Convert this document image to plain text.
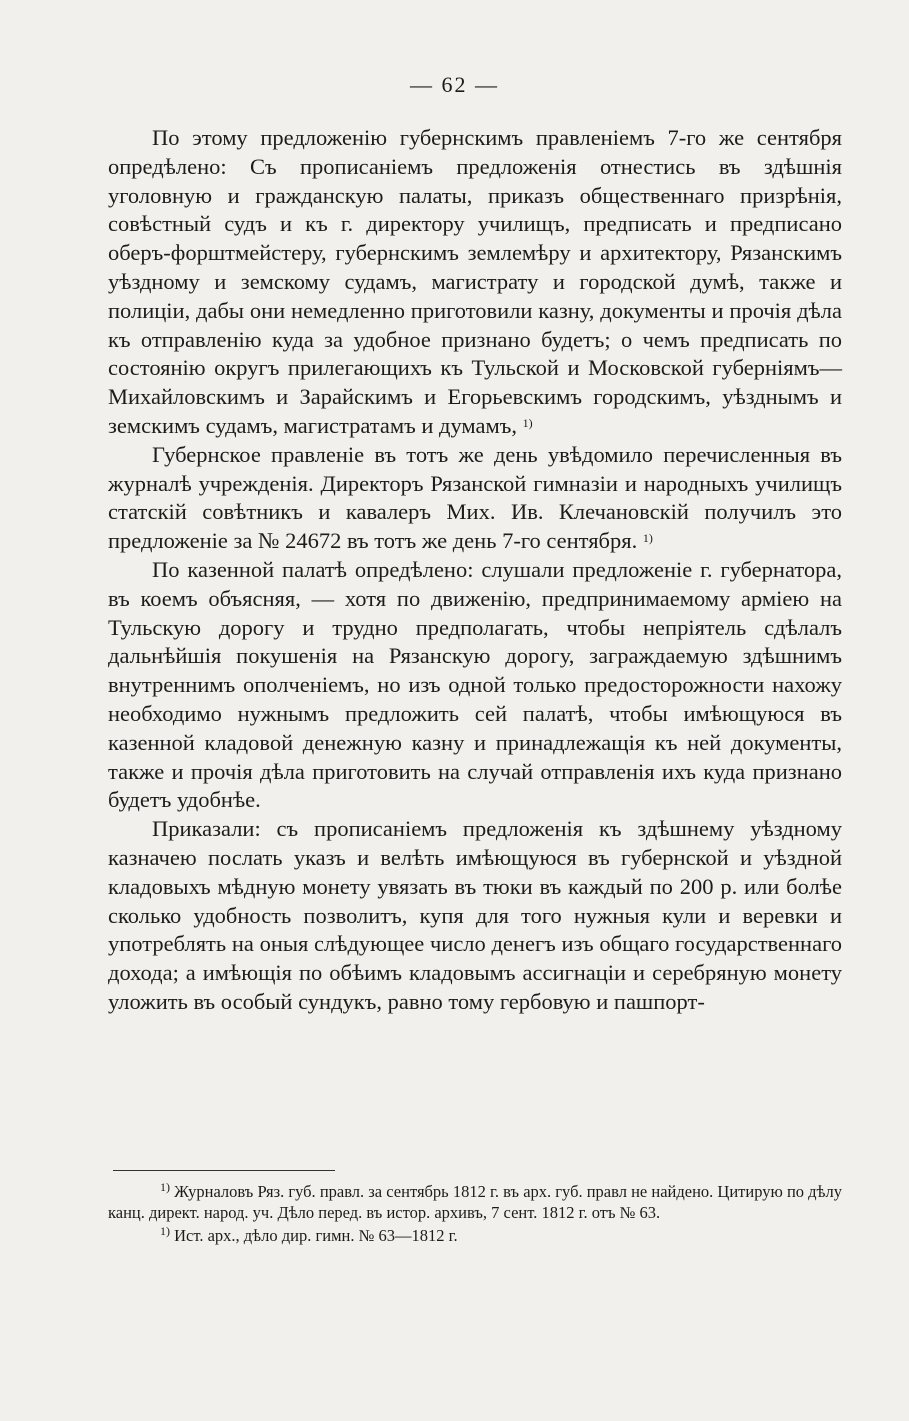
— 62 —

По этому предложенію губернскимъ правленіемъ 7-го же сентября опредѣлено: Съ прописаніемъ предложенія отнестись въ здѣшнія уголовную и гражданскую палаты, приказъ общественнаго призрѣнія, совѣстный судъ и къ г. директору училищъ, предписать и предписано оберъ-форштмейстеру, губернскимъ землемѣру и архитектору, Рязанскимъ уѣздному и земскому судамъ, магистрату и городской думѣ, также и полиціи, дабы они немедленно приготовили казну, документы и прочія дѣла къ отправленію куда за удобное признано будетъ; о чемъ предписать по состоянію округъ прилегающихъ къ Тульской и Московской губерніямъ—Михайловскимъ и Зарайскимъ и Егорьевскимъ городскимъ, уѣзднымъ и земскимъ судамъ, магистратамъ и думамъ, $^{1)}$

Губернское правленіе въ тотъ же день увѣдомило перечисленныя въ журналѣ учрежденія. Директоръ Рязанской гимназіи и народныхъ училищъ статскій совѣтникъ и кавалеръ Мих. Ив. Клечановскій получилъ это предложеніе за № 24672 въ тотъ же день 7-го сентября. $^{1)}$

По казенной палатѣ опредѣлено: слушали предложеніе г. губернатора, въ коемъ объясняя, — хотя по движенію, предпринимаемому арміею на Тульскую дорогу и трудно предполагать, чтобы непріятель сдѣлалъ дальнѣйшія покушенія на Рязанскую дорогу, заграждаемую здѣшнимъ внутреннимъ ополченіемъ, но изъ одной только предосторожности нахожу необходимо нужнымъ предложить сей палатѣ, чтобы имѣющуюся въ казенной кладовой денежную казну и принадлежащія къ ней документы, также и прочія дѣла приготовить на случай отправленія ихъ куда признано будетъ удобнѣе.

Приказали: съ прописаніемъ предложенія къ здѣшнему уѣздному казначею послать указъ и велѣть имѣющуюся въ губернской и уѣздной кладовыхъ мѣдную монету увязать въ тюки въ каждый по 200 р. или болѣе сколько удобность позволитъ, купя для того нужныя кули и веревки и употреблять на оныя слѣдующее число денегъ изъ общаго государственнаго дохода; а имѣющія по обѣимъ кладовымъ ассигнаціи и серебряную монету уложить въ особый сундукъ, равно тому гербовую и пашпорт-

$^{1)}$ Журналовъ Ряз. губ. правл. за сентябрь 1812 г. въ арх. губ. правл не найдено. Цитирую по дѣлу канц. директ. народ. уч. Дѣло перед. въ истор. архивъ, 7 сент. 1812 г. отъ № 63.

$^{1)}$ Ист. арх., дѣло дир. гимн. № 63—1812 г.
